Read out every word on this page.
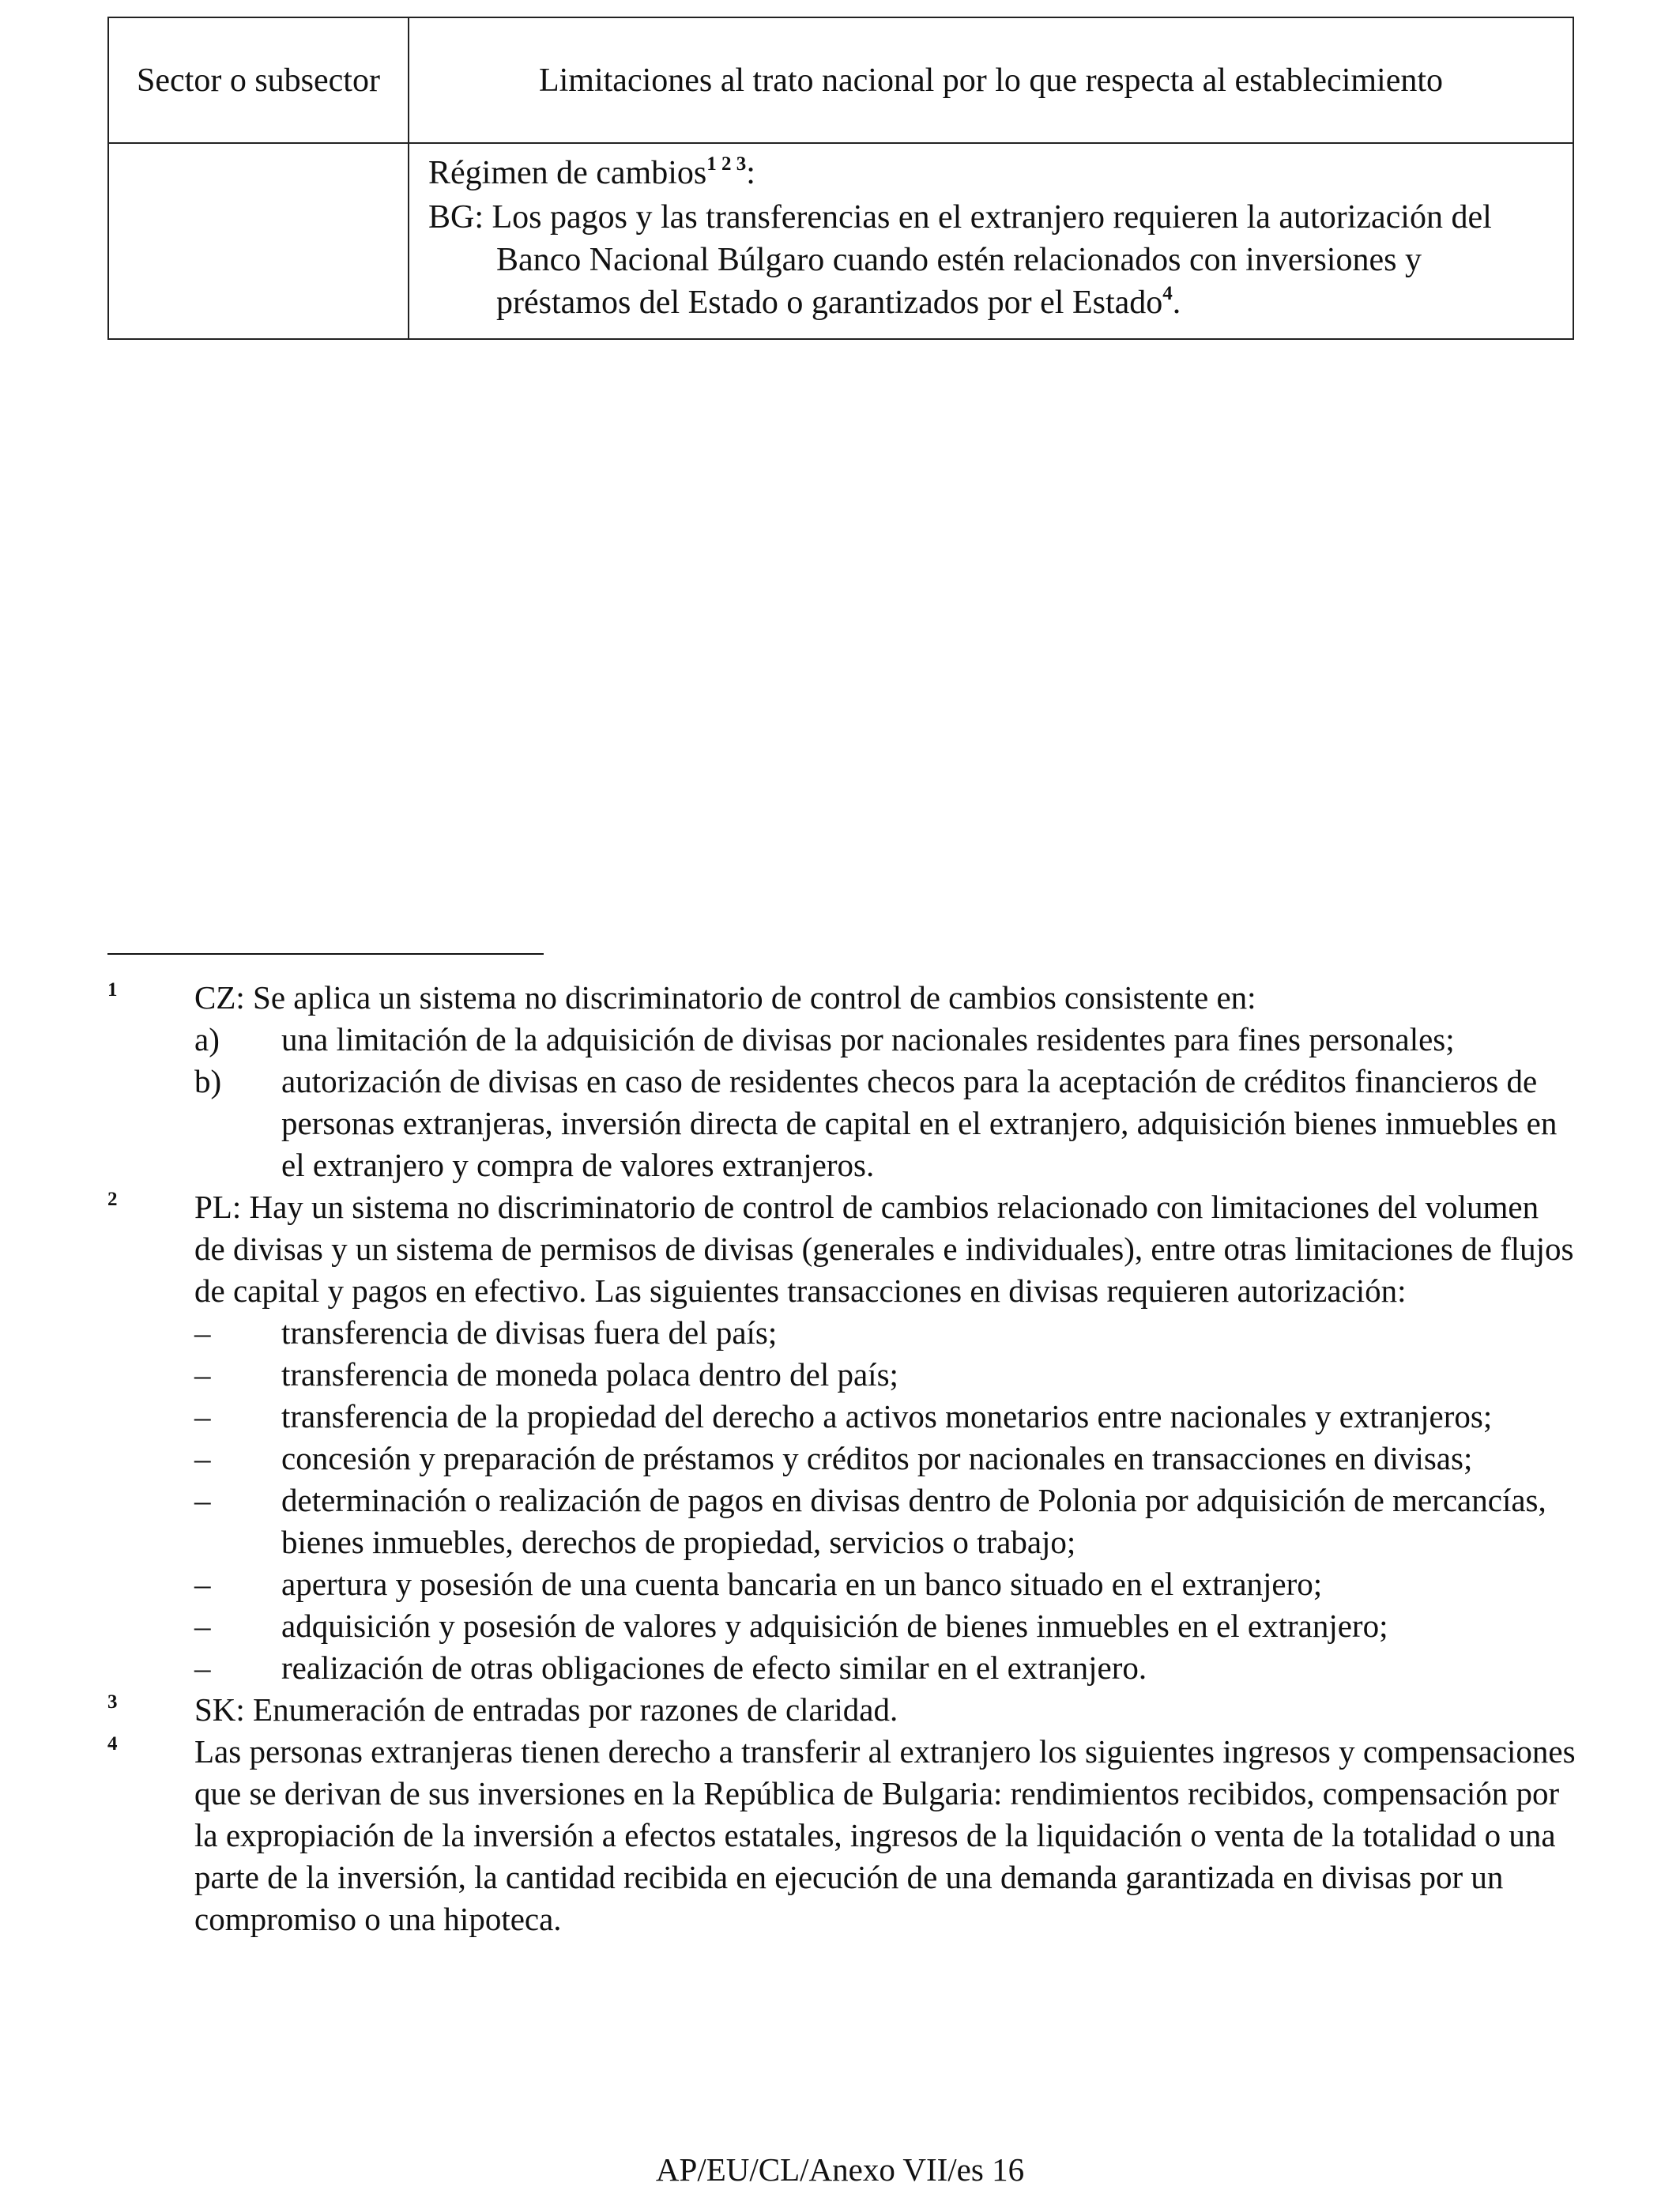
Sector o subsector	Limitaciones al trato nacional por lo que respecta al establecimiento

	Régimen de cambios$^{1 2 3}$:

BG: Los pagos y las transferencias en el extranjero requieren la autorización del Banco Nacional Búlgaro cuando estén relacionados con inversiones y préstamos del Estado o garantizados por el Estado$^4$.

1 CZ: Se aplica un sistema no discriminatorio de control de cambios consistente en:

a) una limitación de la adquisición de divisas por nacionales residentes para fines personales;
b) autorización de divisas en caso de residentes checos para la aceptación de créditos financieros de personas extranjeras, inversión directa de capital en el extranjero, adquisición bienes inmuebles en el extranjero y compra de valores extranjeros.
2 PL: Hay un sistema no discriminatorio de control de cambios relacionado con limitaciones del volumen de divisas y un sistema de permisos de divisas (generales e individuales), entre otras limitaciones de flujos de capital y pagos en efectivo. Las siguientes transacciones en divisas requieren autorización:

– transferencia de divisas fuera del país;
– transferencia de moneda polaca dentro del país;
– transferencia de la propiedad del derecho a activos monetarios entre nacionales y extranjeros;
– concesión y preparación de préstamos y créditos por nacionales en transacciones en divisas;
– determinación o realización de pagos en divisas dentro de Polonia por adquisición de mercancías, bienes inmuebles, derechos de propiedad, servicios o trabajo;
– apertura y posesión de una cuenta bancaria en un banco situado en el extranjero;
– adquisición y posesión de valores y adquisición de bienes inmuebles en el extranjero;
– realización de otras obligaciones de efecto similar en el extranjero.
3 SK: Enumeración de entradas por razones de claridad.

4 Las personas extranjeras tienen derecho a transferir al extranjero los siguientes ingresos y compensaciones que se derivan de sus inversiones en la República de Bulgaria: rendimientos recibidos, compensación por la expropiación de la inversión a efectos estatales, ingresos de la liquidación o venta de la totalidad o una parte de la inversión, la cantidad recibida en ejecución de una demanda garantizada en divisas por un compromiso o una hipoteca.

AP/EU/CL/Anexo VII/es 16
